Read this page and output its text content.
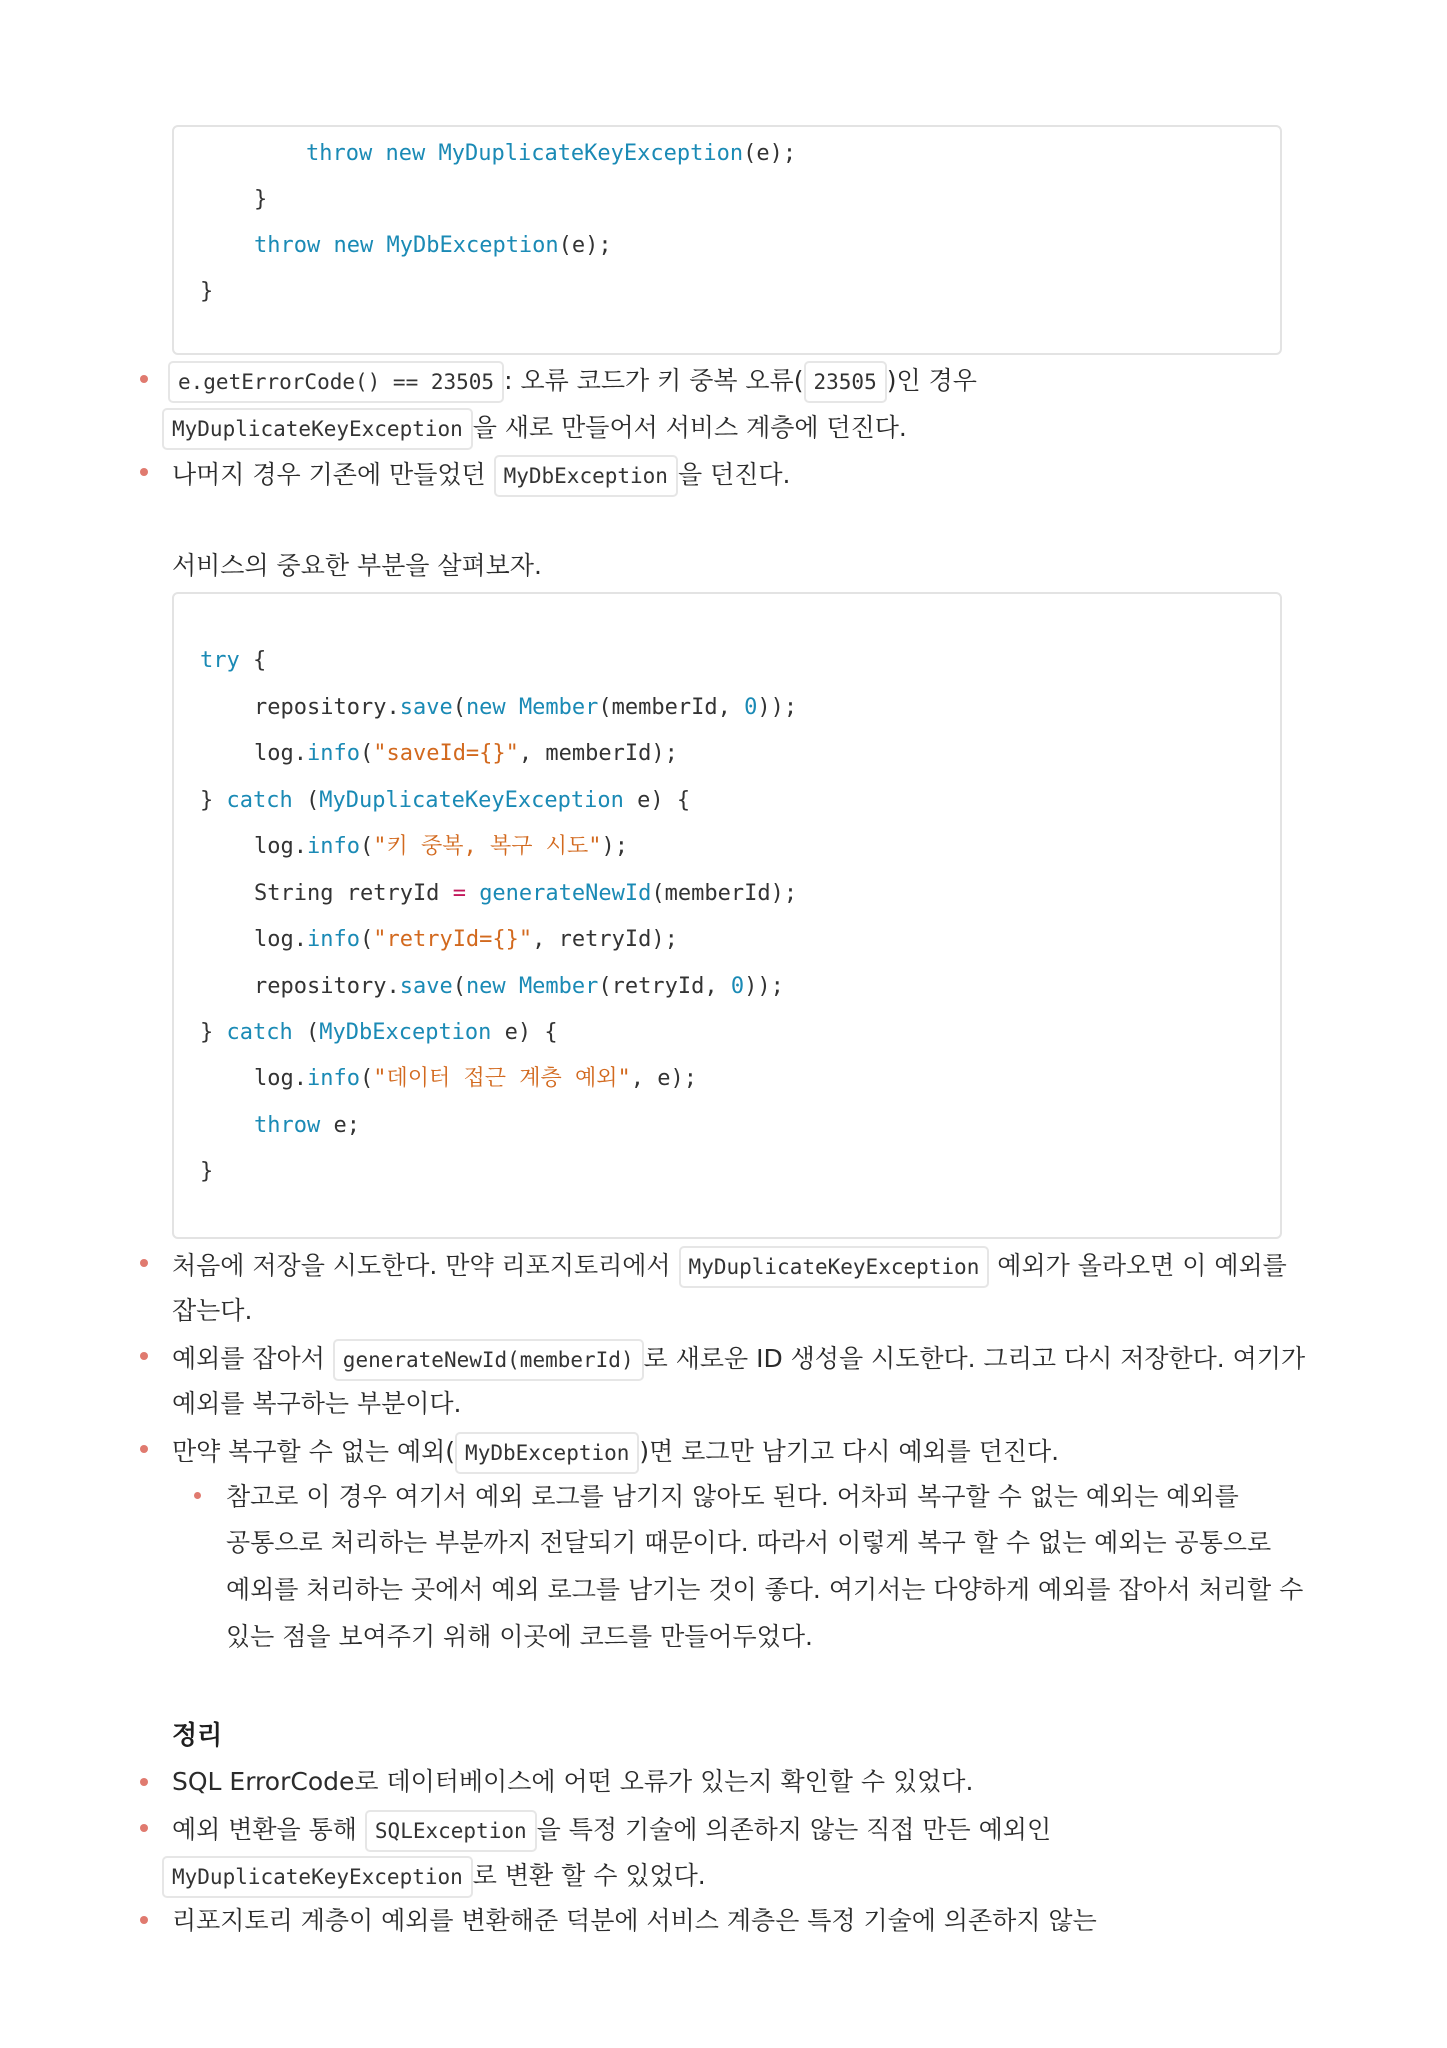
throw new MyDuplicateKeyException(e);
}
throw new MyDbException(e);
}
e.getErrorCode() == 23505 : 오류 코드가 키 중복 오류( 23505 )인 경우
MyDuplicateKeyException 을 새로 만들어서 서비스 계층에 던진다.
나머지 경우 기존에 만들었던 MyDbException 을 던진다.
서비스의 중요한 부분을 살펴보자.
try {
repository.save(new Member(memberId, 0));
log.info("saveId={}", memberId);
} catch (MyDuplicateKeyException e) {
log.info("키 중복, 복구 시도");
String retryId = generateNewId(memberId);
log.info("retryId={}", retryId);
repository.save(new Member(retryId, 0));
} catch (MyDbException e) {
log.info("데이터 접근 계층 예외", e);
throw e;
}
처음에 저장을 시도한다. 만약 리포지토리에서 MyDuplicateKeyException 예외가 올라오면 이 예외를
잡는다.
예외를 잡아서 generateNewId(memberId) 로 새로운 ID 생성을 시도한다. 그리고 다시 저장한다. 여기가
예외를 복구하는 부분이다.
만약 복구할 수 없는 예외( MyDbException )면 로그만 남기고 다시 예외를 던진다.
참고로 이 경우 여기서 예외 로그를 남기지 않아도 된다. 어차피 복구할 수 없는 예외는 예외를
공통으로 처리하는 부분까지 전달되기 때문이다. 따라서 이렇게 복구 할 수 없는 예외는 공통으로
예외를 처리하는 곳에서 예외 로그를 남기는 것이 좋다. 여기서는 다양하게 예외를 잡아서 처리할 수
있는 점을 보여주기 위해 이곳에 코드를 만들어두었다.
정리
SQL ErrorCode로 데이터베이스에 어떤 오류가 있는지 확인할 수 있었다.
예외 변환을 통해 SQLException 을 특정 기술에 의존하지 않는 직접 만든 예외인
MyDuplicateKeyException 로 변환 할 수 있었다.
리포지토리 계층이 예외를 변환해준 덕분에 서비스 계층은 특정 기술에 의존하지 않는
